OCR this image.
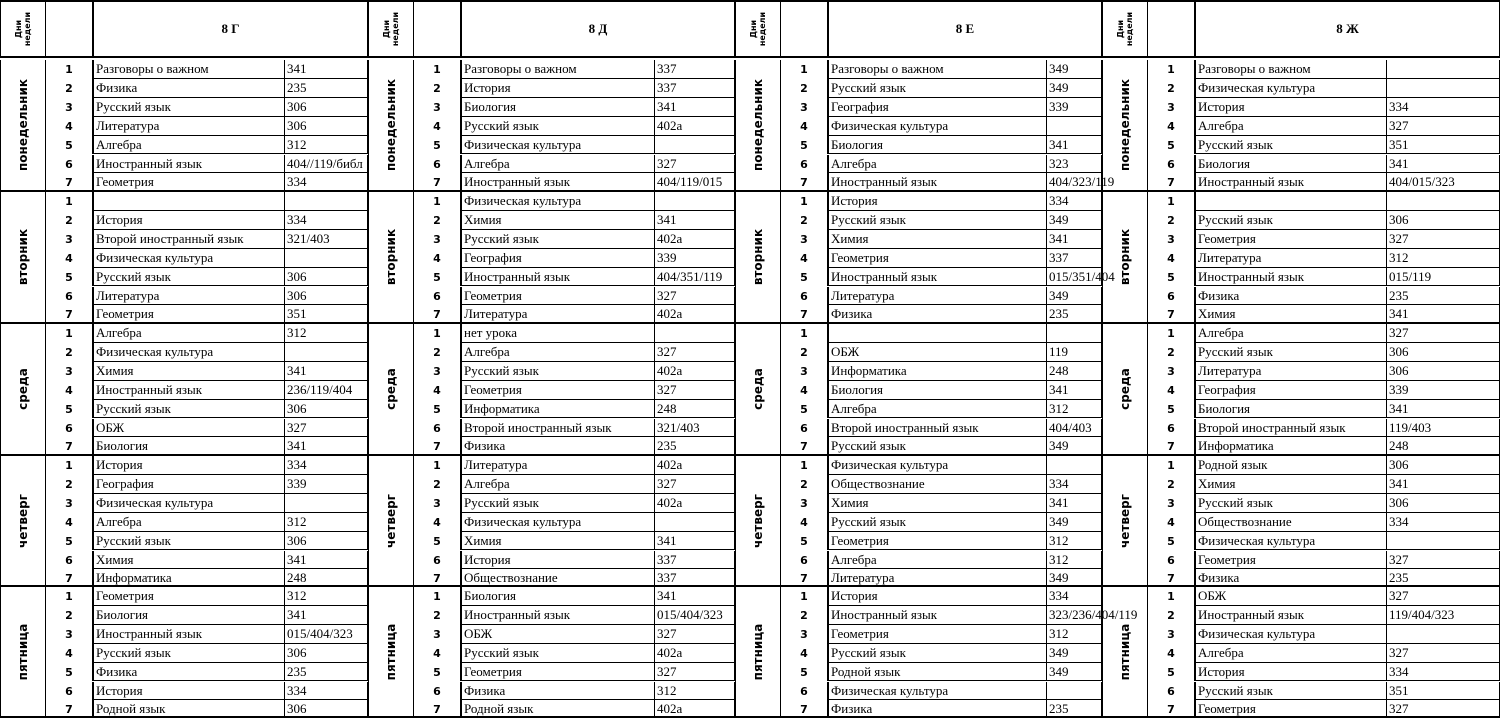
Дни
недели	8 Г
понедельник
1	Разговоры о важном	341
2	Физика	235
3	Русский язык	306
4	Литература	306
5	Алгебра	312
6	Иностранный язык	404//119/библ
7	Геометрия	334
вторник
1
2	История	334
3	Второй иностранный язык	321/403
4	Физическая культура
5	Русский язык	306
6	Литература	306
7	Геометрия	351
среда
1	Алгебра	312
2	Физическая культура
3	Химия	341
4	Иностранный язык	236/119/404
5	Русский язык	306
6	ОБЖ	327
7	Биология	341
четверг
1	История	334
2	География	339
3	Физическая культура
4	Алгебра	312
5	Русский язык	306
6	Химия	341
7	Информатика	248
пятница
1	Геометрия	312
2	Биология	341
3	Иностранный язык	015/404/323
4	Русский язык	306
5	Физика	235
6	История	334
7	Родной язык	306
Дни
недели	8 Д
понедельник
1	Разговоры о важном	337
2	История	337
3	Биология	341
4	Русский язык	402а
5	Физическая культура
6	Алгебра	327
7	Иностранный язык	404/119/015
вторник
1	Физическая культура
2	Химия	341
3	Русский язык	402а
4	География	339
5	Иностранный язык	404/351/119
6	Геометрия	327
7	Литература	402а
среда
1	нет урока
2	Алгебра	327
3	Русский язык	402а
4	Геометрия	327
5	Информатика	248
6	Второй иностранный язык	321/403
7	Физика	235
четверг
1	Литература	402а
2	Алгебра	327
3	Русский язык	402а
4	Физическая культура
5	Химия	341
6	История	337
7	Обществознание	337
пятница
1	Биология	341
2	Иностранный язык	015/404/323
3	ОБЖ	327
4	Русский язык	402а
5	Геометрия	327
6	Физика	312
7	Родной язык	402а
Дни
недели	8 Е
понедельник
1	Разговоры о важном	349
2	Русский язык	349
3	География	339
4	Физическая культура
5	Биология	341
6	Алгебра	323
7	Иностранный язык	404/323/119
вторник
1	История	334
2	Русский язык	349
3	Химия	341
4	Геометрия	337
5	Иностранный язык	015/351/404
6	Литература	349
7	Физика	235
среда
1
2	ОБЖ	119
3	Информатика	248
4	Биология	341
5	Алгебра	312
6	Второй иностранный язык	404/403
7	Русский язык	349
четверг
1	Физическая культура
2	Обществознание	334
3	Химия	341
4	Русский язык	349
5	Геометрия	312
6	Алгебра	312
7	Литература	349
пятница
1	История	334
2	Иностранный язык	323/236/404/119
3	Геометрия	312
4	Русский язык	349
5	Родной язык	349
6	Физическая культура
7	Физика	235
Дни
недели	8 Ж
понедельник
1	Разговоры о важном
2	Физическая культура
3	История	334
4	Алгебра	327
5	Русский язык	351
6	Биология	341
7	Иностранный язык	404/015/323
вторник
1
2	Русский язык	306
3	Геометрия	327
4	Литература	312
5	Иностранный язык	015/119
6	Физика	235
7	Химия	341
среда
1	Алгебра	327
2	Русский язык	306
3	Литература	306
4	География	339
5	Биология	341
6	Второй иностранный язык	119/403
7	Информатика	248
четверг
1	Родной язык	306
2	Химия	341
3	Русский язык	306
4	Обществознание	334
5	Физическая культура
6	Геометрия	327
7	Физика	235
пятница
1	ОБЖ	327
2	Иностранный язык	119/404/323
3	Физическая культура
4	Алгебра	327
5	История	334
6	Русский язык	351
7	Геометрия	327
